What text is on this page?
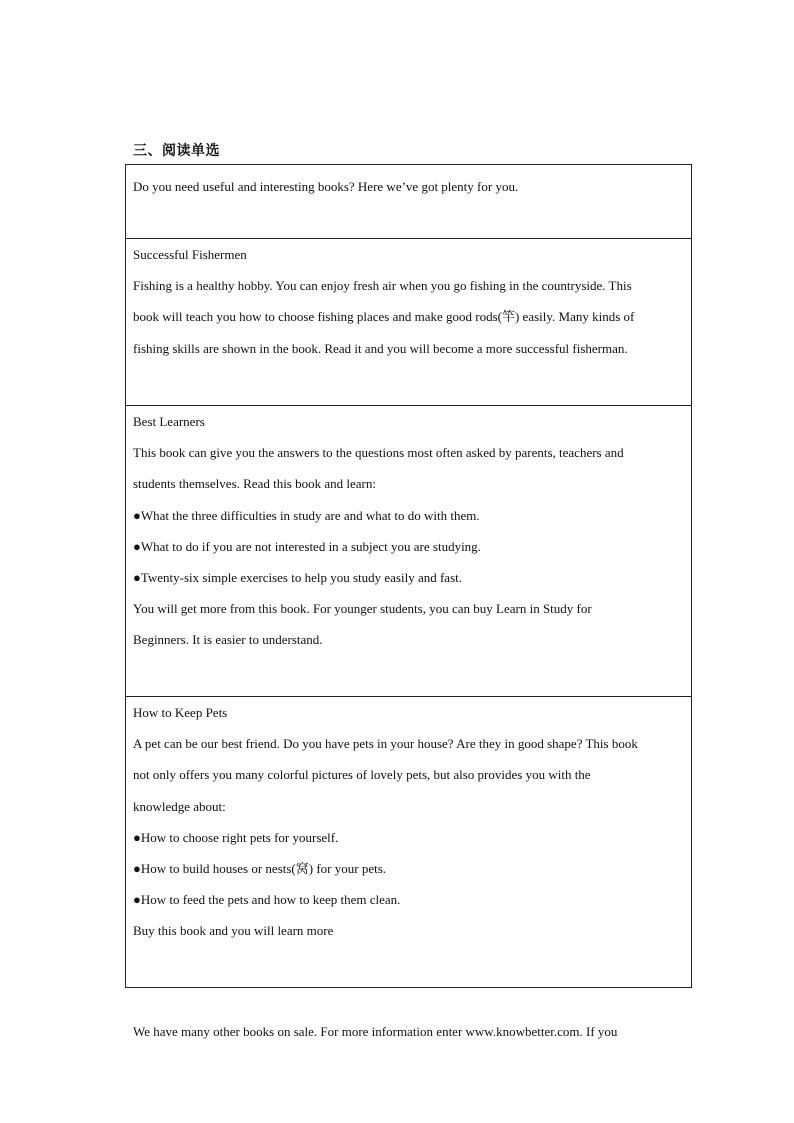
三、阅读单选
Do you need useful and interesting books? Here we’ve got plenty for you.

Successful Fishermen
Fishing is a healthy hobby. You can enjoy fresh air when you go fishing in the countryside. This
book will teach you how to choose fishing places and make good rods(竿) easily. Many kinds of
fishing skills are shown in the book. Read it and you will become a more successful fisherman.

Best Learners
This book can give you the answers to the questions most often asked by parents, teachers and
students themselves. Read this book and learn:
●What the three difficulties in study are and what to do with them.
●What to do if you are not interested in a subject you are studying.
●Twenty-six simple exercises to help you study easily and fast.
You will get more from this book. For younger students, you can buy Learn in Study for
Beginners. It is easier to understand.

How to Keep Pets
A pet can be our best friend. Do you have pets in your house? Are they in good shape? This book
not only offers you many colorful pictures of lovely pets, but also provides you with the
knowledge about:
●How to choose right pets for yourself.
●How to build houses or nests(窝) for your pets.
●How to feed the pets and how to keep them clean.
Buy this book and you will learn more
We have many other books on sale. For more information enter www.knowbetter.com. If you
